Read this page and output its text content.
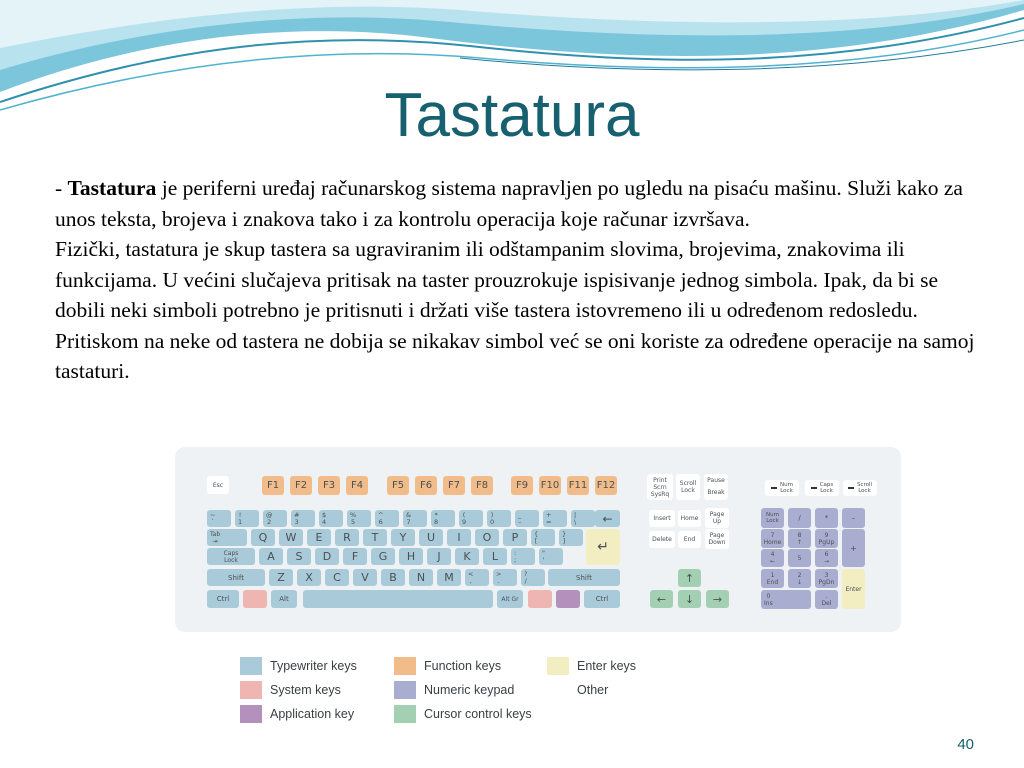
Tastatura

- Tastatura je periferni uređaj računarskog sistema napravljen po ugledu na pisaću mašinu. Služi kako za unos teksta, brojeva i znakova tako i za kontrolu operacija koje računar izvršava.

Fizički, tastatura je skup tastera sa ugraviranim ili odštampanim slovima, brojevima, znakovima ili funkcijama. U većini slučajeva pritisak na taster prouzrokuje ispisivanje jednog simbola. Ipak, da bi se dobili neki simboli potrebno je pritisnuti i držati više tastera istovremeno ili u određenom redosledu. Pritiskom na neke od tastera ne dobija se nikakav simbol već se oni koriste za određene operacije na samoj tastaturi.

Esc	F1	F2	F3	F4	F5	F6	F7	F8	F9	F10 F11 F12	Print
Scrn
SysRq
Scroll
Lock
Pause

Break
Num
Lock
Caps
Lock
Scroll
Lock
~
`
!
1
@
2
#
3
$
4
%
5
^
6
&
7
*
8
(
9
)
0
_
–
+
=
|
\
Q	W	E	R	T	Y	U	I	O	P	{
[
}
]
A	S	D	F	G	H	J	K	L	:
;
"
'
Z	X	C	V	B	N	M	<
,
>
.
?
/
←
Tab
⇥
Caps
Lock
↵
Shift	Shift
Ctrl	Alt	Alt Gr	Ctrl
Insert	Home
Page
Up
Delete	End
Page
Down
↑
←	↓	→
Num
Lock	/	*	–
7
Home
8
↑
9
PgUp
+
4
←	5	6
→
1
End
2
↓
3
PgDn
Enter
0
Ins
.
Del
Typewriter keys	Function keys	Enter keys
System keys	Numeric keypad	Other
Application key	Cursor control keys
40
